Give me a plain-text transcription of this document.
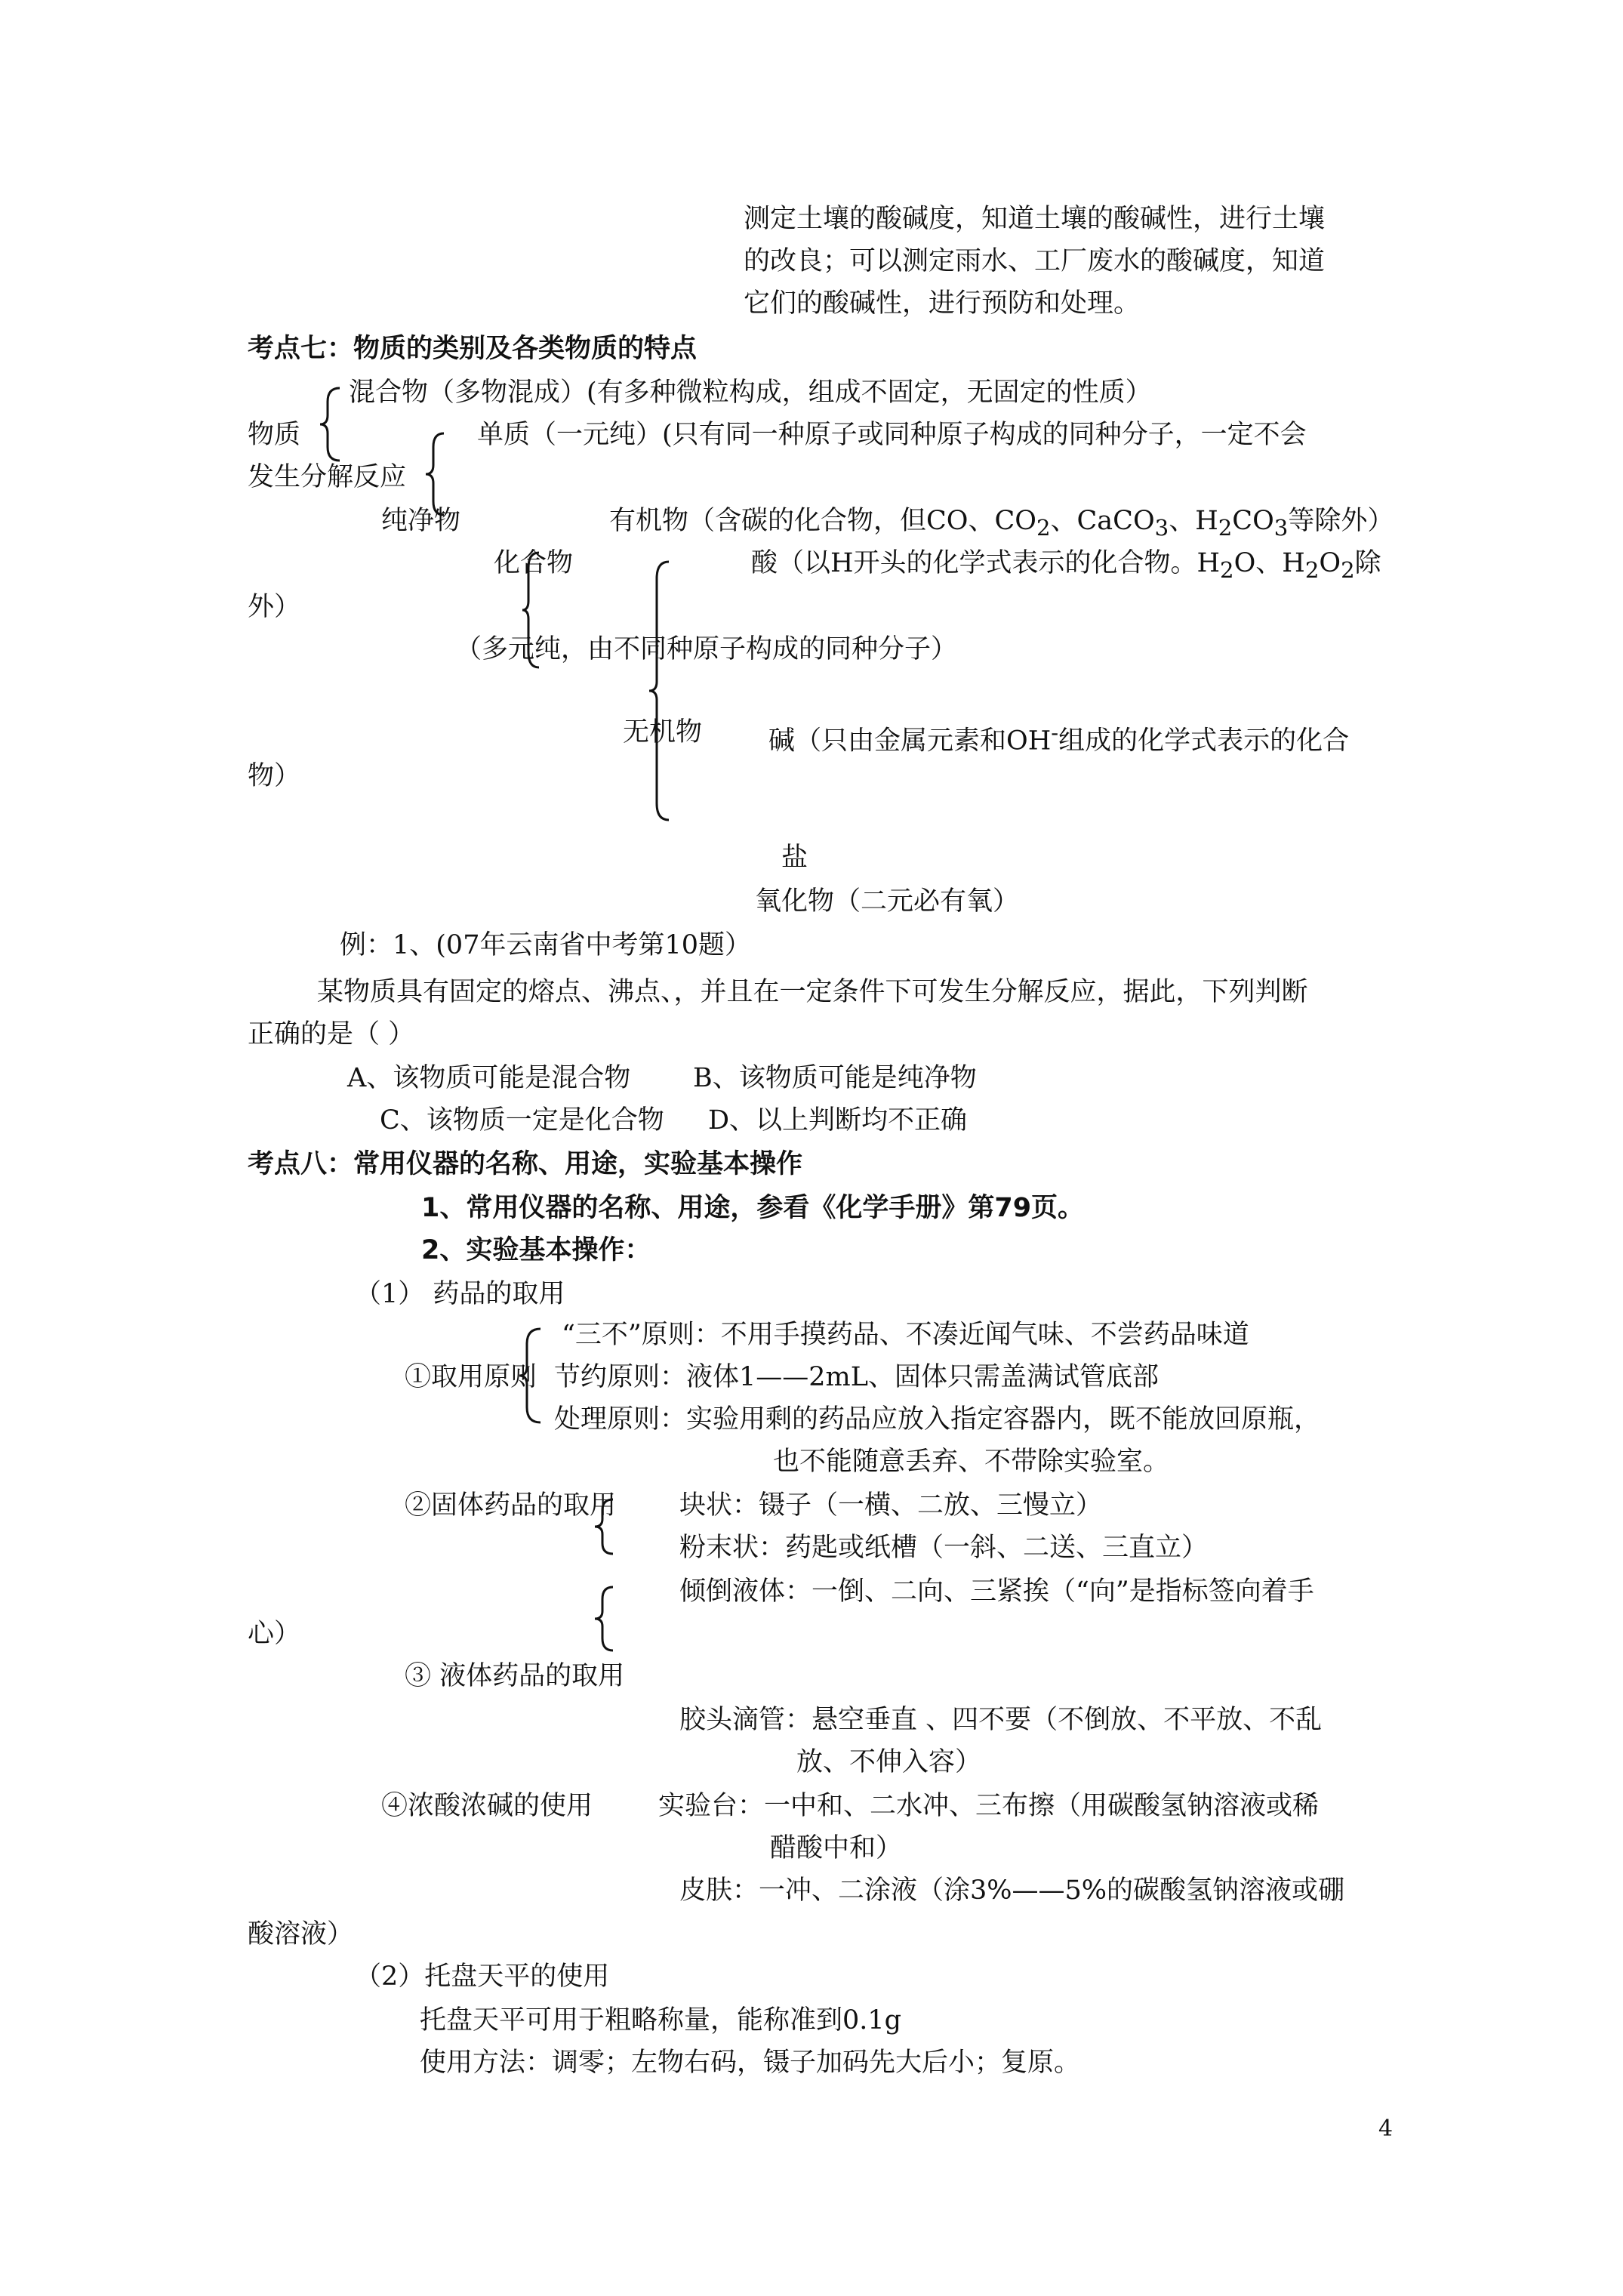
测定土壤的酸碱度，知道土壤的酸碱性，进行土壤
的改良；可以测定雨水、工厂废水的酸碱度，知道
它们的酸碱性，进行预防和处理。
考点七：物质的类别及各类物质的特点
混合物（多物混成）(有多种微粒构成，组成不固定，无固定的性质）
物质	单质（一元纯）(只有同一种原子或同种原子构成的同种分子，一定不会
发生分解反应
纯净物	有机物（含碳的化合物，但CO、$CO_2$、CaCO$_3$、$H_2CO_3$等除外）
化合物	酸（以H开头的化学式表示的化合物。$H_2O$、$H_2O_2$除
外）
（多元纯，由不同种原子构成的同种分子）
无机物	碱（只由金属元素和OH-组成的化学式表示的化合
物）
盐
氧化物（二元必有氧）
例：1、(07年云南省中考第10题）
某物质具有固定的熔点、沸点、，并且在一定条件下可发生分解反应，据此，下列判断
正确的是（ ）
A、该物质可能是混合物 B、该物质可能是纯净物
C、该物质一定是化合物 D、以上判断均不正确
考点八：常用仪器的名称、用途，实验基本操作
1、常用仪器的名称、用途，参看《化学手册》第79页。
2、实验基本操作：
（1） 药品的取用
“三不”原则：不用手摸药品、不凑近闻气味、不尝药品味道
①取用原则 节约原则：液体1——2mL、固体只需盖满试管底部
处理原则：实验用剩的药品应放入指定容器内，既不能放回原瓶，
也不能随意丢弃、不带除实验室。
②固体药品的取用 块状：镊子（一横、二放、三慢立）
粉末状：药匙或纸槽（一斜、二送、三直立）
倾倒液体：一倒、二向、三紧挨（“向”是指标签向着手
心）
③ 液体药品的取用
胶头滴管：悬空垂直 、四不要（不倒放、不平放、不乱
放、不伸入容）
④浓酸浓碱的使用 实验台：一中和、二水冲、三布擦（用碳酸氢钠溶液或稀
醋酸中和）
皮肤：一冲、二涂液（涂3%——5%的碳酸氢钠溶液或硼
酸溶液）
（2）托盘天平的使用
托盘天平可用于粗略称量，能称准到0.1g
使用方法：调零；左物右码，镊子加码先大后小；复原。
4
